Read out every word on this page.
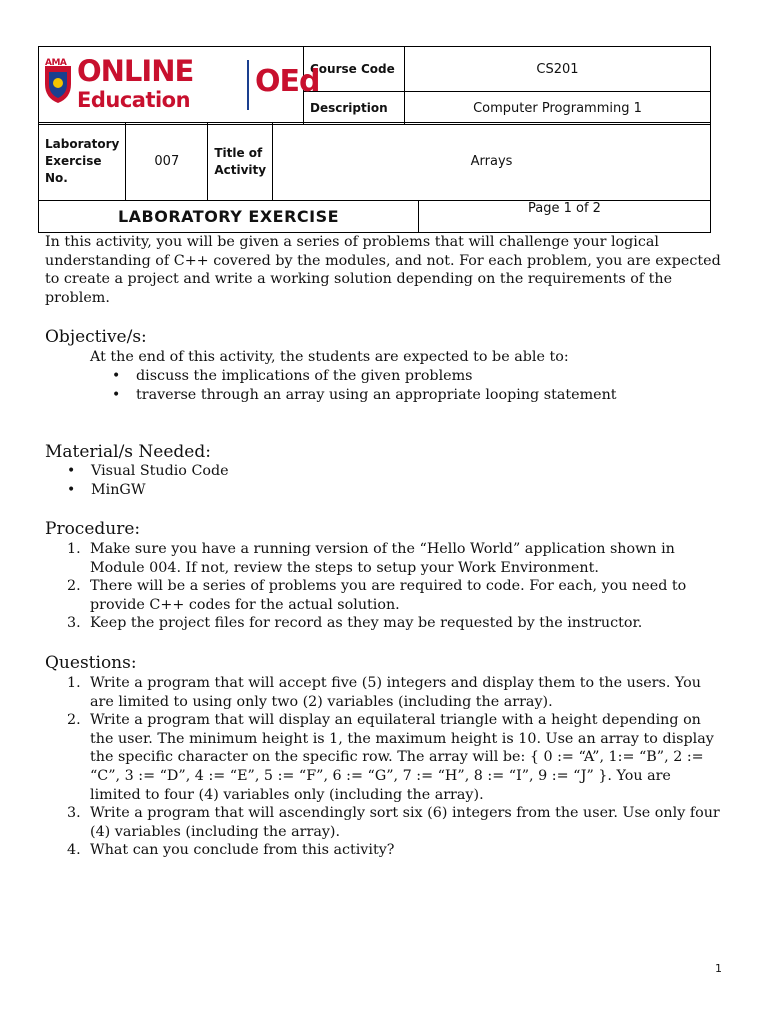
AMA ONLINE
Education
OEd	Course Code	CS201
	Description	Computer Programming 1
Laboratory Exercise No.	007	Title of Activity	Arrays
LABORATORY EXERCISE	Page 1 of 2
In this activity, you will be given a series of problems that will challenge your logical understanding of C++ covered by the modules, and not. For each problem, you are expected to create a project and write a working solution depending on the requirements of the problem.
Objective/s:
At the end of this activity, the students are expected to be able to:
• discuss the implications of the given problems
• traverse through an array using an appropriate looping statement
Material/s Needed:
• Visual Studio Code
• MinGW
Procedure:
1. Make sure you have a running version of the “Hello World” application shown in Module 004. If not, review the steps to setup your Work Environment.
2. There will be a series of problems you are required to code. For each, you need to provide C++ codes for the actual solution.
3. Keep the project files for record as they may be requested by the instructor.
Questions:
1. Write a program that will accept five (5) integers and display them to the users. You are limited to using only two (2) variables (including the array).
2. Write a program that will display an equilateral triangle with a height depending on the user. The minimum height is 1, the maximum height is 10. Use an array to display the specific character on the specific row. The array will be: { 0 := “A”, 1:= “B”, 2 := “C”, 3 := “D”, 4 := “E”, 5 := “F”, 6 := “G”, 7 := “H”, 8 := “I”, 9 := “J” }. You are limited to four (4) variables only (including the array).
3. Write a program that will ascendingly sort six (6) integers from the user. Use only four (4) variables (including the array).
4. What can you conclude from this activity?
1
